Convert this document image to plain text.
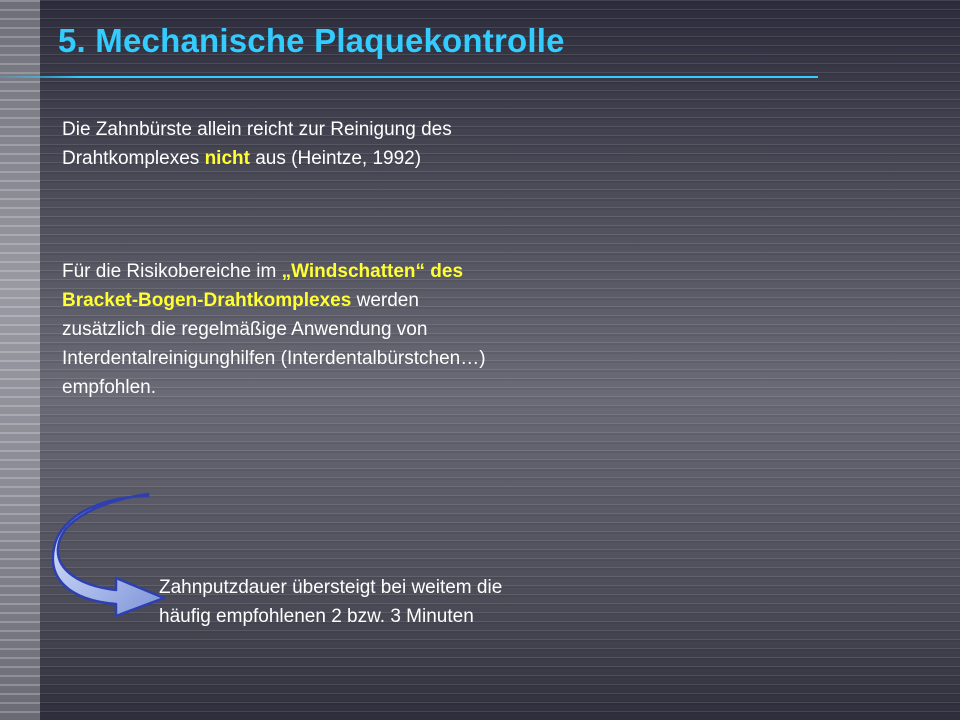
5. Mechanische Plaquekontrolle
Die Zahnbürste allein reicht zur Reinigung des Drahtkomplexes nicht aus (Heintze, 1992)
Für die Risikobereiche im „Windschatten“ des Bracket-Bogen-Drahtkomplexes werden zusätzlich die regelmäßige Anwendung von Interdentalreinigunghilfen (Interdentalbürstchen…) empfohlen.
Zahnputzdauer übersteigt bei weitem die häufig empfohlenen 2 bzw. 3 Minuten
